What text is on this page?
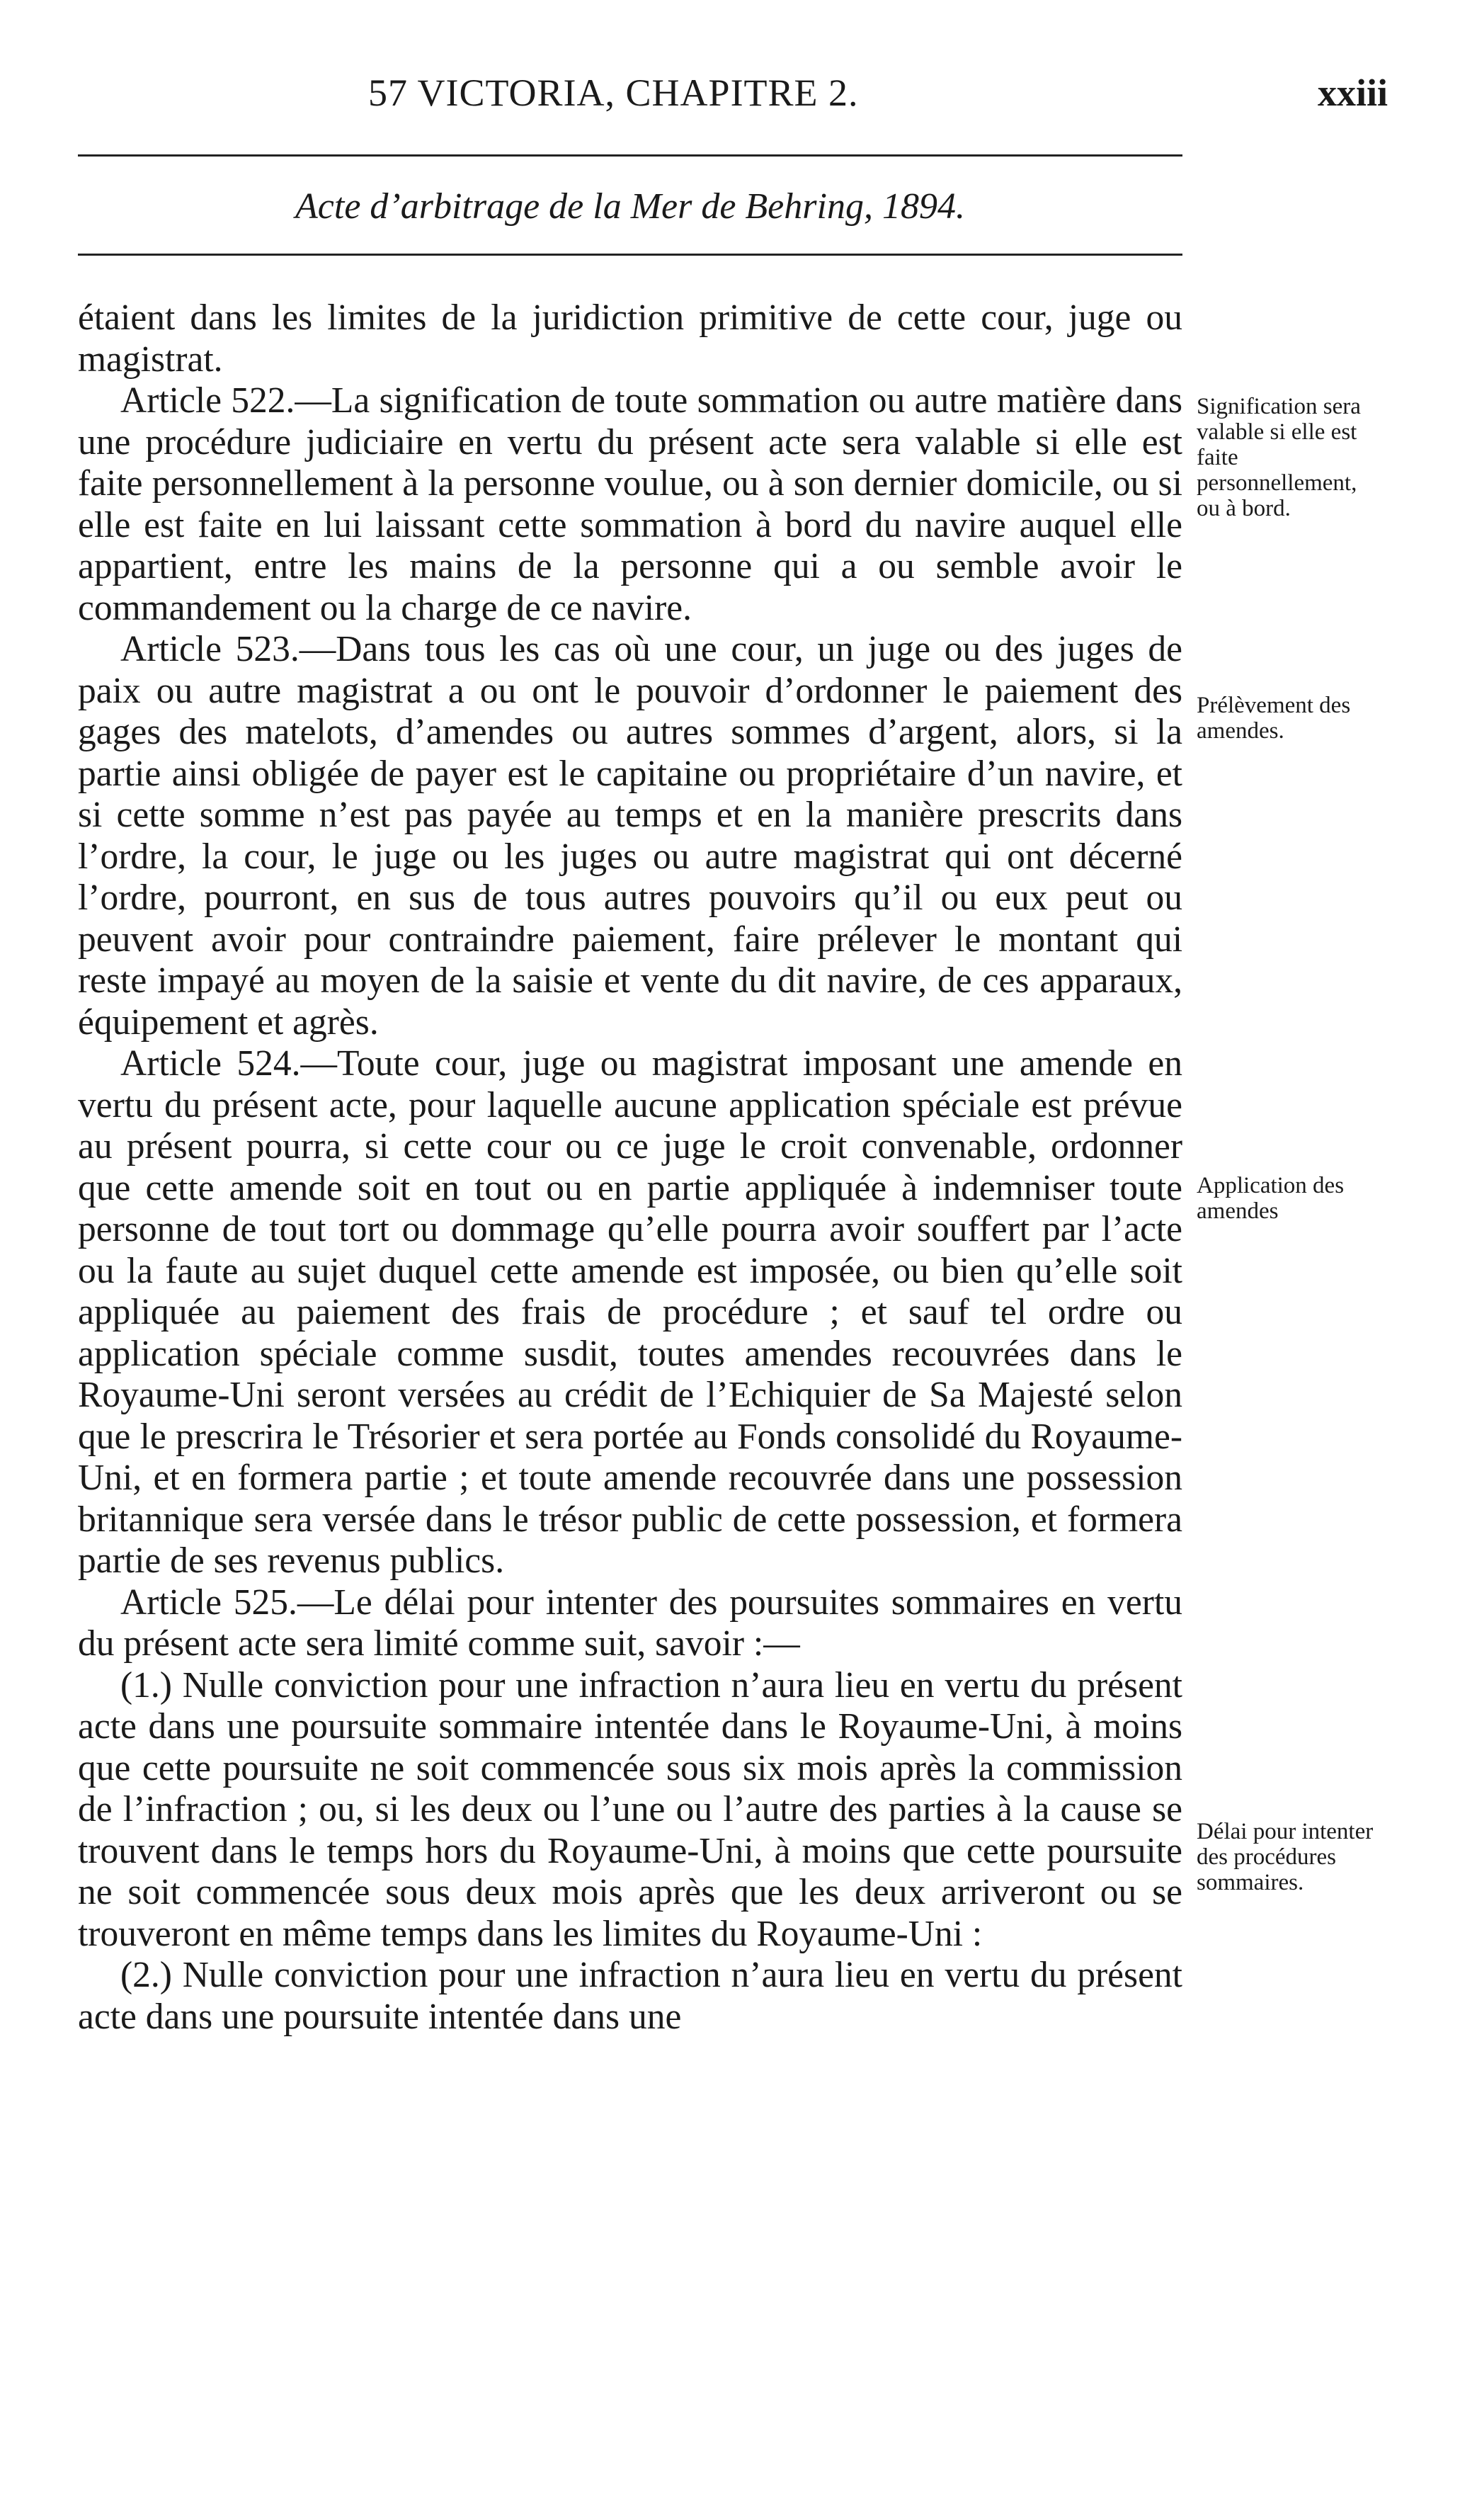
57 VICTORIA, CHAPITRE 2.	xxiii
Acte d’arbitrage de la Mer de Behring, 1894.

étaient dans les limites de la juridiction primitive de cette cour, juge ou magistrat.

Article 522.—La signification de toute sommation ou autre matière dans une procédure judiciaire en vertu du présent acte sera valable si elle est faite personnellement à la personne voulue, ou à son dernier domicile, ou si elle est faite en lui laissant cette sommation à bord du navire auquel elle appartient, entre les mains de la personne qui a ou semble avoir le commandement ou la charge de ce navire.

Article 523.—Dans tous les cas où une cour, un juge ou des juges de paix ou autre magistrat a ou ont le pouvoir d’ordonner le paiement des gages des matelots, d’amendes ou autres sommes d’argent, alors, si la partie ainsi obligée de payer est le capitaine ou propriétaire d’un navire, et si cette somme n’est pas payée au temps et en la manière prescrits dans l’ordre, la cour, le juge ou les juges ou autre magistrat qui ont décerné l’ordre, pourront, en sus de tous autres pouvoirs qu’il ou eux peut ou peuvent avoir pour contraindre paiement, faire prélever le montant qui reste impayé au moyen de la saisie et vente du dit navire, de ces apparaux, équipement et agrès.

Article 524.—Toute cour, juge ou magistrat imposant une amende en vertu du présent acte, pour laquelle aucune application spéciale est prévue au présent pourra, si cette cour ou ce juge le croit convenable, ordonner que cette amende soit en tout ou en partie appliquée à indemniser toute personne de tout tort ou dommage qu’elle pourra avoir souffert par l’acte ou la faute au sujet duquel cette amende est imposée, ou bien qu’elle soit appliquée au paiement des frais de procédure ; et sauf tel ordre ou application spéciale comme susdit, toutes amendes recouvrées dans le Royaume-Uni seront versées au crédit de l’Echiquier de Sa Majesté selon que le prescrira le Trésorier et sera portée au Fonds consolidé du Royaume-Uni, et en formera partie ; et toute amende recouvrée dans une possession britannique sera versée dans le trésor public de cette possession, et formera partie de ses revenus publics.

Article 525.—Le délai pour intenter des poursuites sommaires en vertu du présent acte sera limité comme suit, savoir :—

(1.) Nulle conviction pour une infraction n’aura lieu en vertu du présent acte dans une poursuite sommaire intentée dans le Royaume-Uni, à moins que cette poursuite ne soit commencée sous six mois après la commission de l’infraction ; ou, si les deux ou l’une ou l’autre des parties à la cause se trouvent dans le temps hors du Royaume-Uni, à moins que cette poursuite ne soit commencée sous deux mois après que les deux arriveront ou se trouveront en même temps dans les limites du Royaume-Uni :

(2.) Nulle conviction pour une infraction n’aura lieu en vertu du présent acte dans une poursuite intentée dans une

Signification sera valable si elle est faite personnellement, ou à bord.
Prélèvement des amendes.
Application des amendes
Délai pour intenter des procédures sommaires.
